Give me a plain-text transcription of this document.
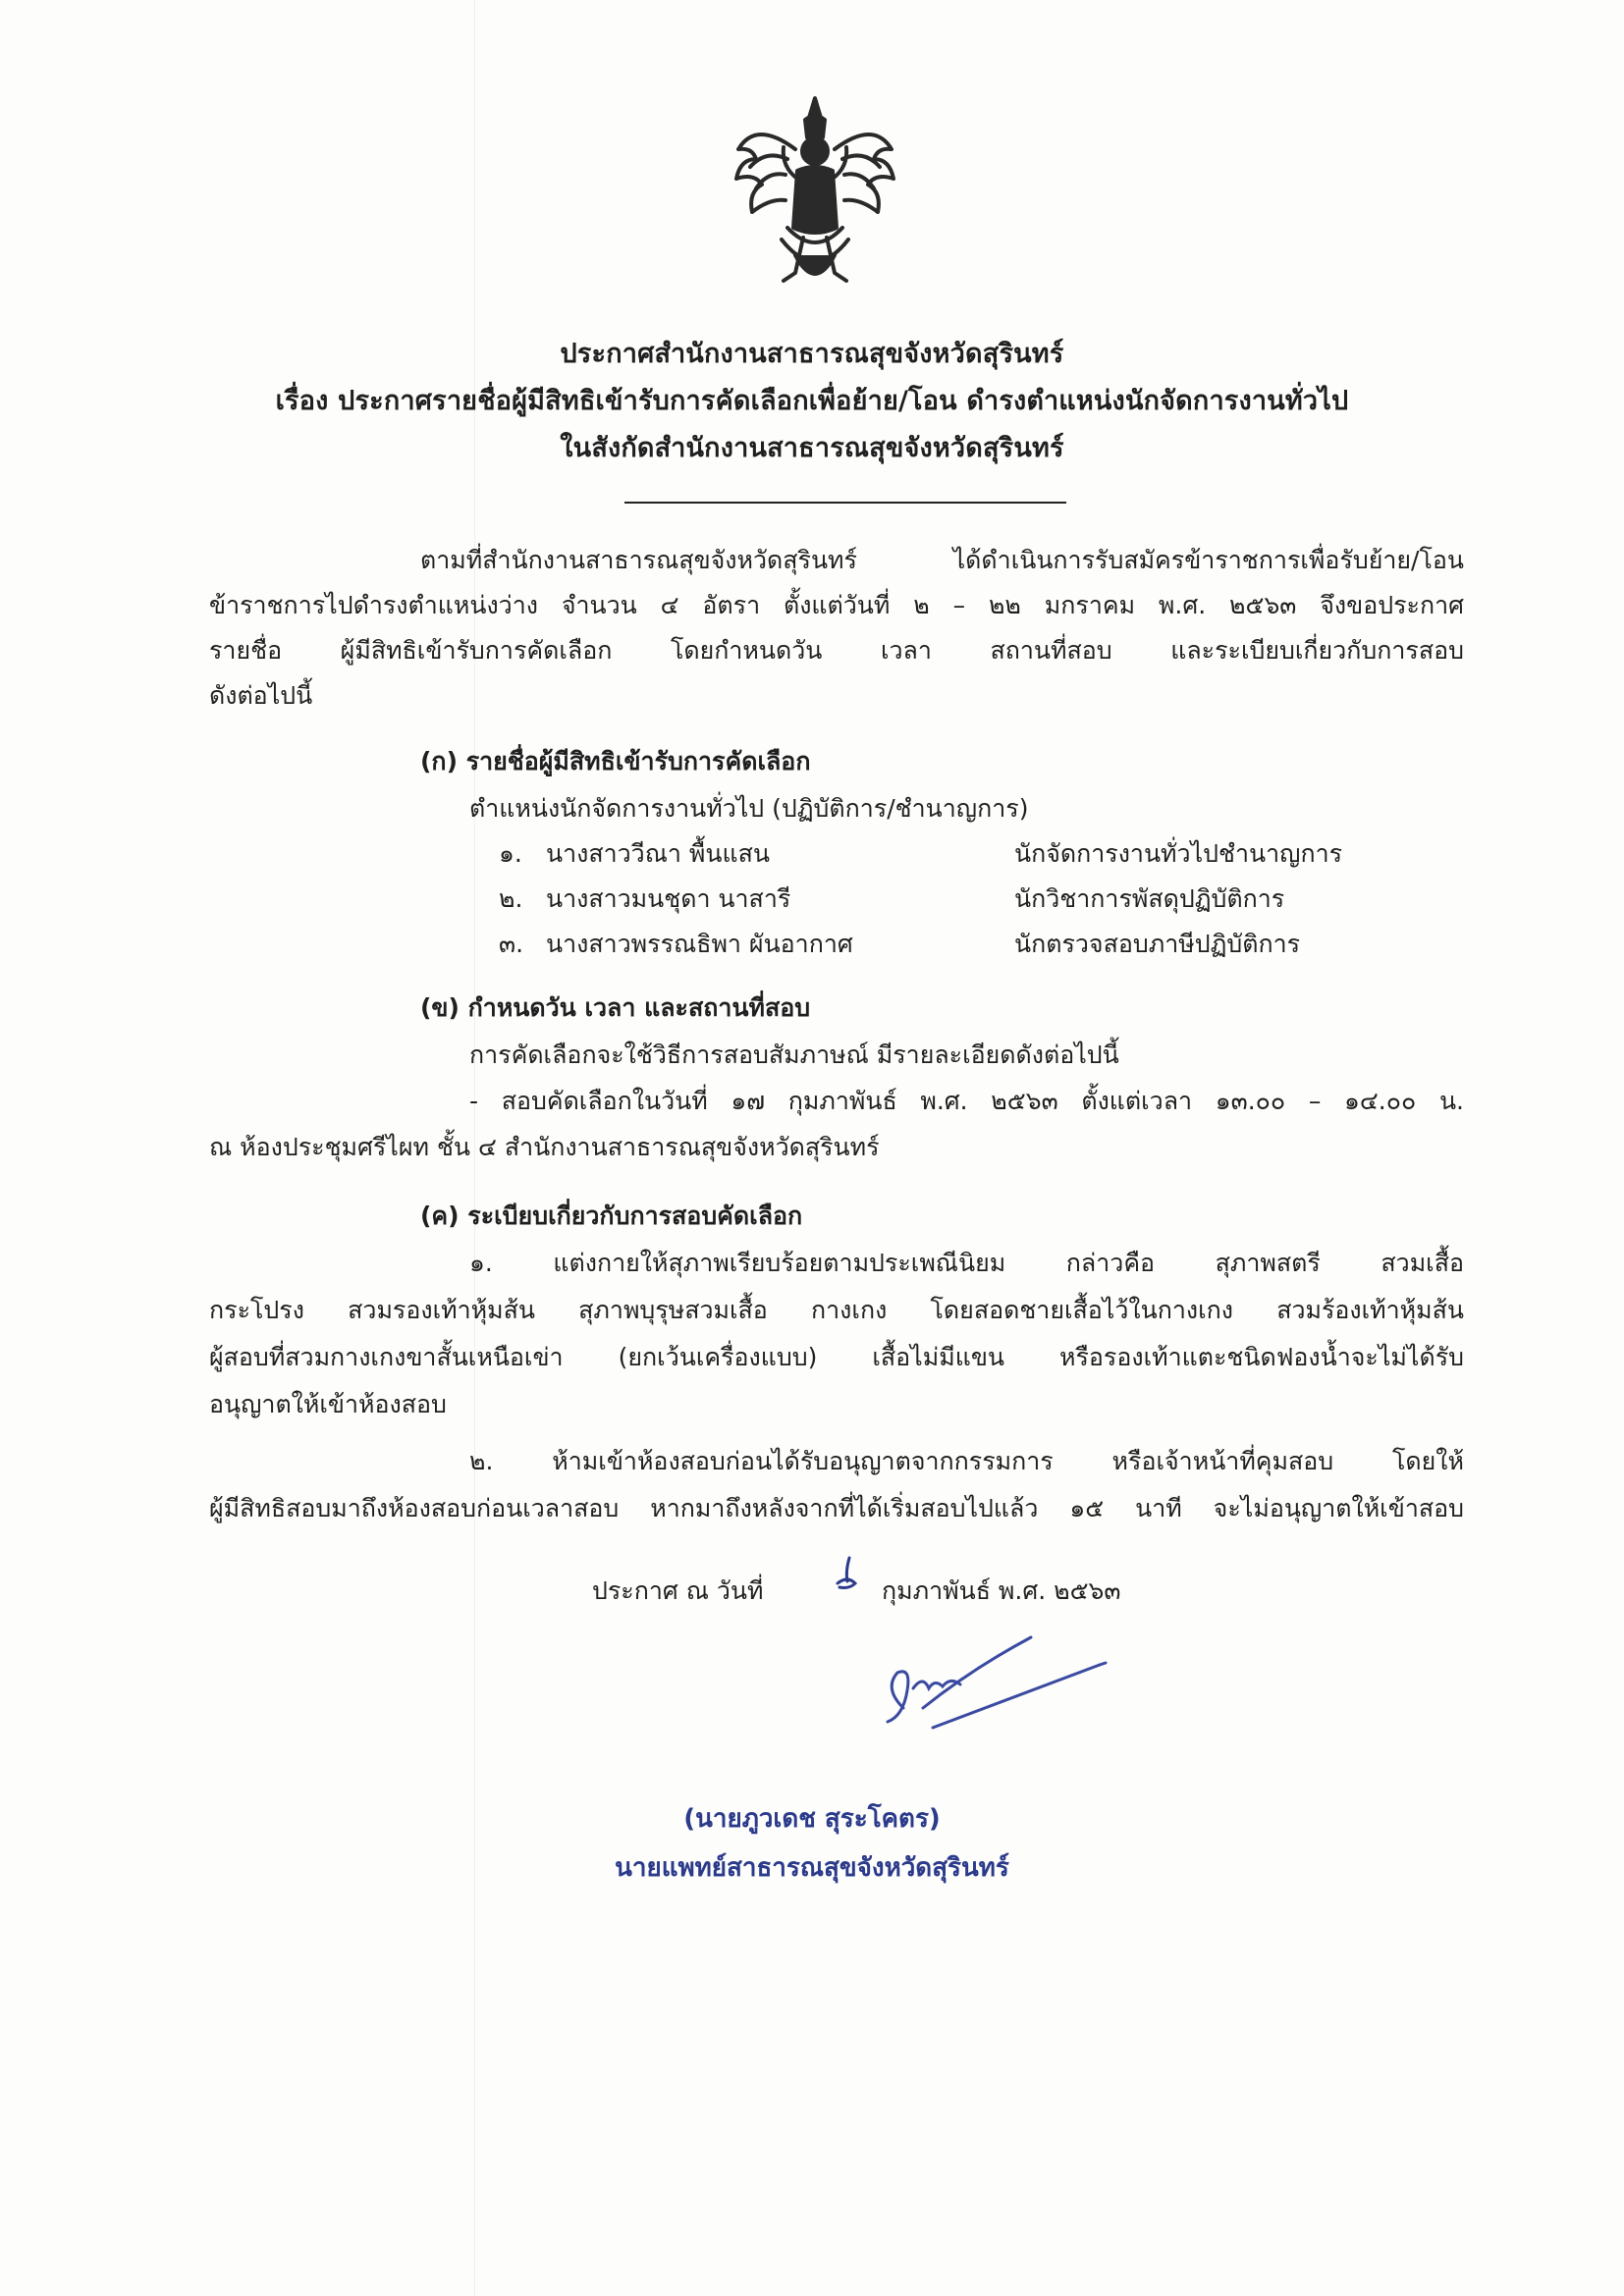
ประกาศสำนักงานสาธารณสุขจังหวัดสุรินทร์
เรื่อง ประกาศรายชื่อผู้มีสิทธิเข้ารับการคัดเลือกเพื่อย้าย/โอน ดำรงตำแหน่งนักจัดการงานทั่วไป
ในสังกัดสำนักงานสาธารณสุขจังหวัดสุรินทร์
ตามที่สำนักงานสาธารณสุขจังหวัดสุรินทร์ ได้ดำเนินการรับสมัครข้าราชการเพื่อรับย้าย/โอน
ข้าราชการไปดำรงตำแหน่งว่าง จำนวน ๔ อัตรา ตั้งแต่วันที่ ๒ – ๒๒ มกราคม พ.ศ. ๒๕๖๓ จึงขอประกาศ
รายชื่อ ผู้มีสิทธิเข้ารับการคัดเลือก โดยกำหนดวัน เวลา สถานที่สอบ และระเบียบเกี่ยวกับการสอบ
ดังต่อไปนี้
(ก) รายชื่อผู้มีสิทธิเข้ารับการคัดเลือก
ตำแหน่งนักจัดการงานทั่วไป (ปฏิบัติการ/ชำนาญการ)
๑. นางสาววีณา พื้นแสน	นักจัดการงานทั่วไปชำนาญการ
๒. นางสาวมนชุดา นาสารี	นักวิชาการพัสดุปฏิบัติการ
๓. นางสาวพรรณธิพา ผันอากาศ	นักตรวจสอบภาษีปฏิบัติการ
(ข) กำหนดวัน เวลา และสถานที่สอบ
การคัดเลือกจะใช้วิธีการสอบสัมภาษณ์ มีรายละเอียดดังต่อไปนี้
- สอบคัดเลือกในวันที่ ๑๗ กุมภาพันธ์ พ.ศ. ๒๕๖๓ ตั้งแต่เวลา ๑๓.๐๐ – ๑๔.๐๐ น.
ณ ห้องประชุมศรีไผท ชั้น ๔ สำนักงานสาธารณสุขจังหวัดสุรินทร์
(ค) ระเบียบเกี่ยวกับการสอบคัดเลือก
๑. แต่งกายให้สุภาพเรียบร้อยตามประเพณีนิยม กล่าวคือ สุภาพสตรี สวมเสื้อ
กระโปรง สวมรองเท้าหุ้มส้น สุภาพบุรุษสวมเสื้อ กางเกง โดยสอดชายเสื้อไว้ในกางเกง สวมร้องเท้าหุ้มส้น
ผู้สอบที่สวมกางเกงขาสั้นเหนือเข่า (ยกเว้นเครื่องแบบ) เสื้อไม่มีแขน หรือรองเท้าแตะชนิดฟองน้ำจะไม่ได้รับ
อนุญาตให้เข้าห้องสอบ
๒. ห้ามเข้าห้องสอบก่อนได้รับอนุญาตจากกรรมการ หรือเจ้าหน้าที่คุมสอบ โดยให้
ผู้มีสิทธิสอบมาถึงห้องสอบก่อนเวลาสอบ หากมาถึงหลังจากที่ได้เริ่มสอบไปแล้ว ๑๕ นาที จะไม่อนุญาตให้เข้าสอบ
ประกาศ ณ วันที่	กุมภาพันธ์ พ.ศ. ๒๕๖๓
(นายภูวเดช สุระโคตร)
นายแพทย์สาธารณสุขจังหวัดสุรินทร์
